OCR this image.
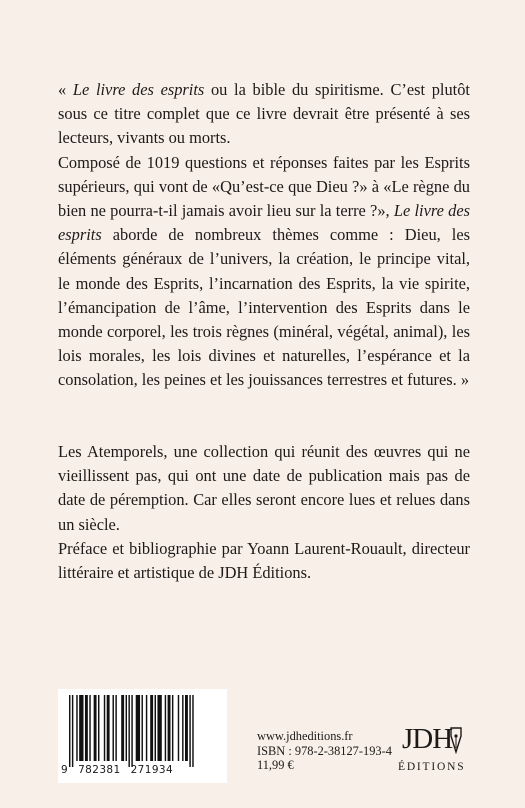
« Le livre des esprits ou la bible du spiritisme. C’est plutôt sous ce titre complet que ce livre devrait être présenté à ses lecteurs, vivants ou morts.

Composé de 1019 questions et réponses faites par les Esprits supérieurs, qui vont de «Qu’est-ce que Dieu ?» à «Le règne du bien ne pourra-t-il jamais avoir lieu sur la terre ?», Le livre des esprits aborde de nombreux thèmes comme : Dieu, les éléments généraux de l’univers, la création, le principe vital, le monde des Esprits, l’incarnation des Esprits, la vie spirite, l’émancipation de l’âme, l’intervention des Esprits dans le monde corporel, les trois règnes (minéral, végétal, animal), les lois morales, les lois divines et naturelles, l’espérance et la consolation, les peines et les jouissances terrestres et futures. »

Les Atemporels, une collection qui réunit des œuvres qui ne vieillissent pas, qui ont une date de publication mais pas de date de péremption. Car elles seront encore lues et relues dans un siècle.

Préface et bibliographie par Yoann Laurent-Rouault, directeur littéraire et artistique de JDH Éditions.

9 782381 271934
www.jdheditions.fr
ISBN : 978-2-38127-193-4
11,99 €
JDH
ÉDITIONS
